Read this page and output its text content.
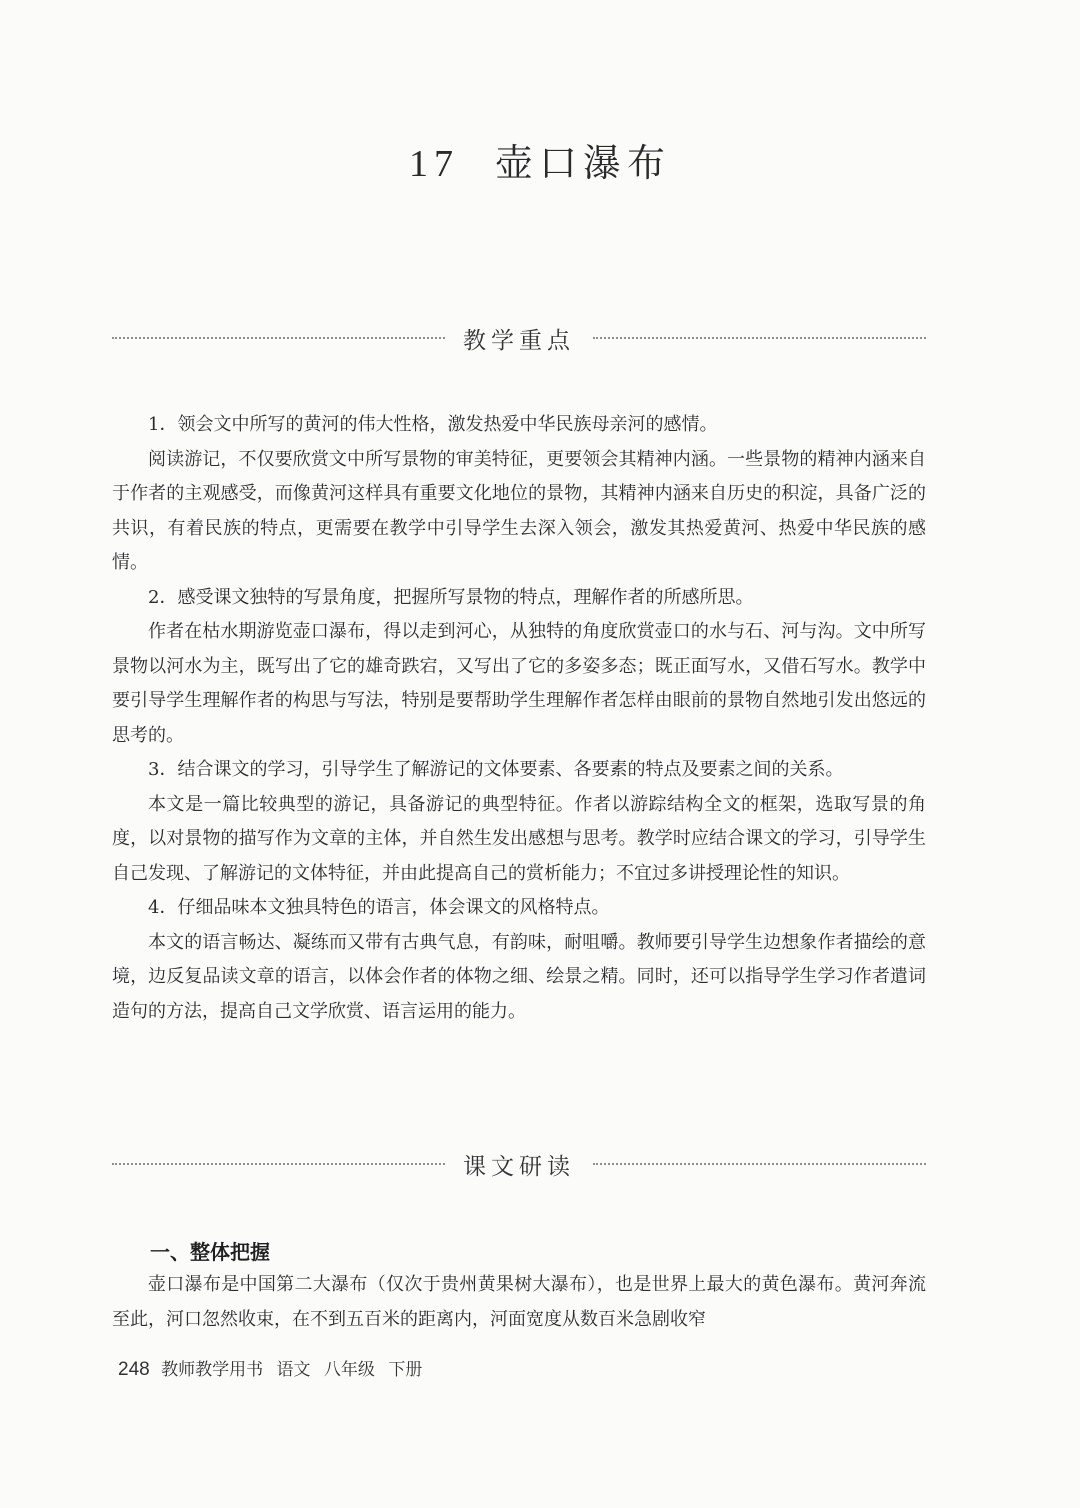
17 壶口瀑布
教学重点

1．领会文中所写的黄河的伟大性格，激发热爱中华民族母亲河的感情。

阅读游记，不仅要欣赏文中所写景物的审美特征，更要领会其精神内涵。一些景物的精神内涵来自于作者的主观感受，而像黄河这样具有重要文化地位的景物，其精神内涵来自历史的积淀，具备广泛的共识，有着民族的特点，更需要在教学中引导学生去深入领会，激发其热爱黄河、热爱中华民族的感情。

2．感受课文独特的写景角度，把握所写景物的特点，理解作者的所感所思。

作者在枯水期游览壶口瀑布，得以走到河心，从独特的角度欣赏壶口的水与石、河与沟。文中所写景物以河水为主，既写出了它的雄奇跌宕，又写出了它的多姿多态；既正面写水，又借石写水。教学中要引导学生理解作者的构思与写法，特别是要帮助学生理解作者怎样由眼前的景物自然地引发出悠远的思考的。

3．结合课文的学习，引导学生了解游记的文体要素、各要素的特点及要素之间的关系。

本文是一篇比较典型的游记，具备游记的典型特征。作者以游踪结构全文的框架，选取写景的角度，以对景物的描写作为文章的主体，并自然生发出感想与思考。教学时应结合课文的学习，引导学生自己发现、了解游记的文体特征，并由此提高自己的赏析能力；不宜过多讲授理论性的知识。

4．仔细品味本文独具特色的语言，体会课文的风格特点。

本文的语言畅达、凝练而又带有古典气息，有韵味，耐咀嚼。教师要引导学生边想象作者描绘的意境，边反复品读文章的语言，以体会作者的体物之细、绘景之精。同时，还可以指导学生学习作者遣词造句的方法，提高自己文学欣赏、语言运用的能力。

课文研读
一、整体把握

壶口瀑布是中国第二大瀑布（仅次于贵州黄果树大瀑布），也是世界上最大的黄色瀑布。黄河奔流至此，河口忽然收束，在不到五百米的距离内，河面宽度从数百米急剧收窄

248 教师教学用书 语文 八年级 下册
